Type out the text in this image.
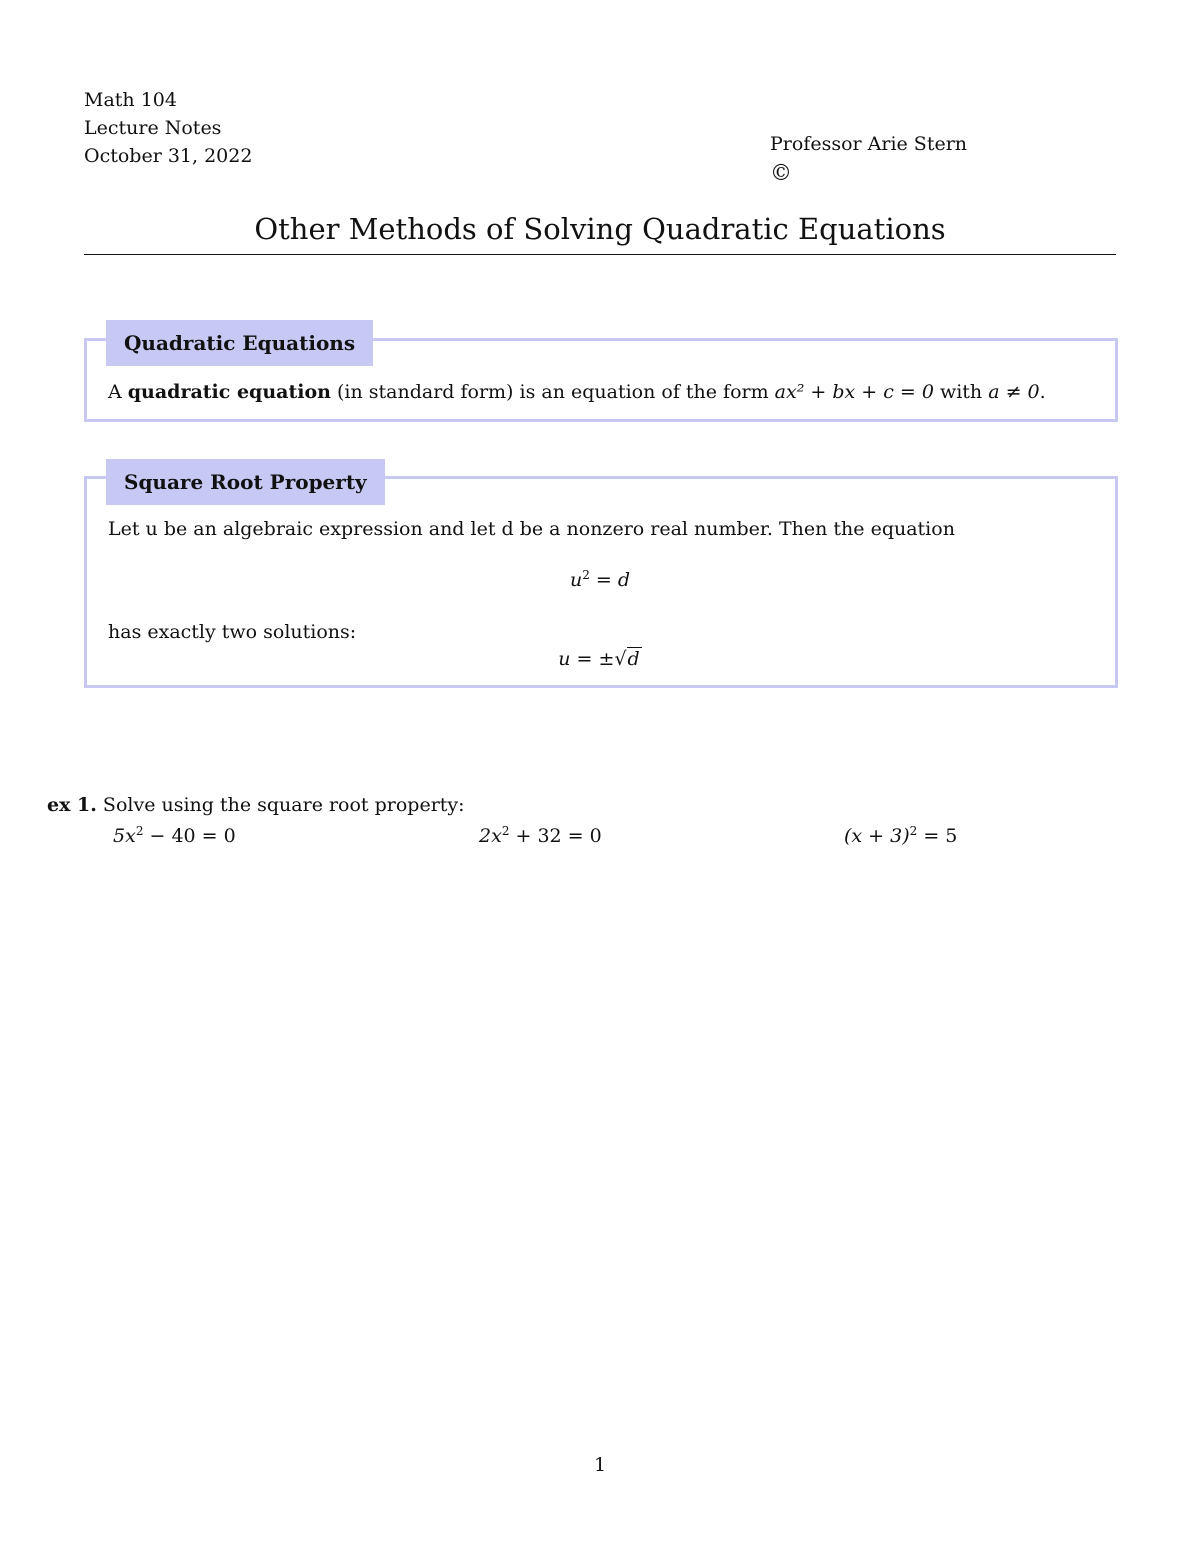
Math 104
Lecture Notes
October 31, 2022
Professor Arie Stern
©
Other Methods of Solving Quadratic Equations
Quadratic Equations
A quadratic equation (in standard form) is an equation of the form ax² + bx + c = 0 with a ≠ 0.
Square Root Property
Let u be an algebraic expression and let d be a nonzero real number. Then the equation
$u^2 = d$
has exactly two solutions:
u = ±√d
ex 1. Solve using the square root property:
$5x^2 - 40 = 0$	$2x^2 + 32 = 0$	$(x + 3)^2 = 5$
1
